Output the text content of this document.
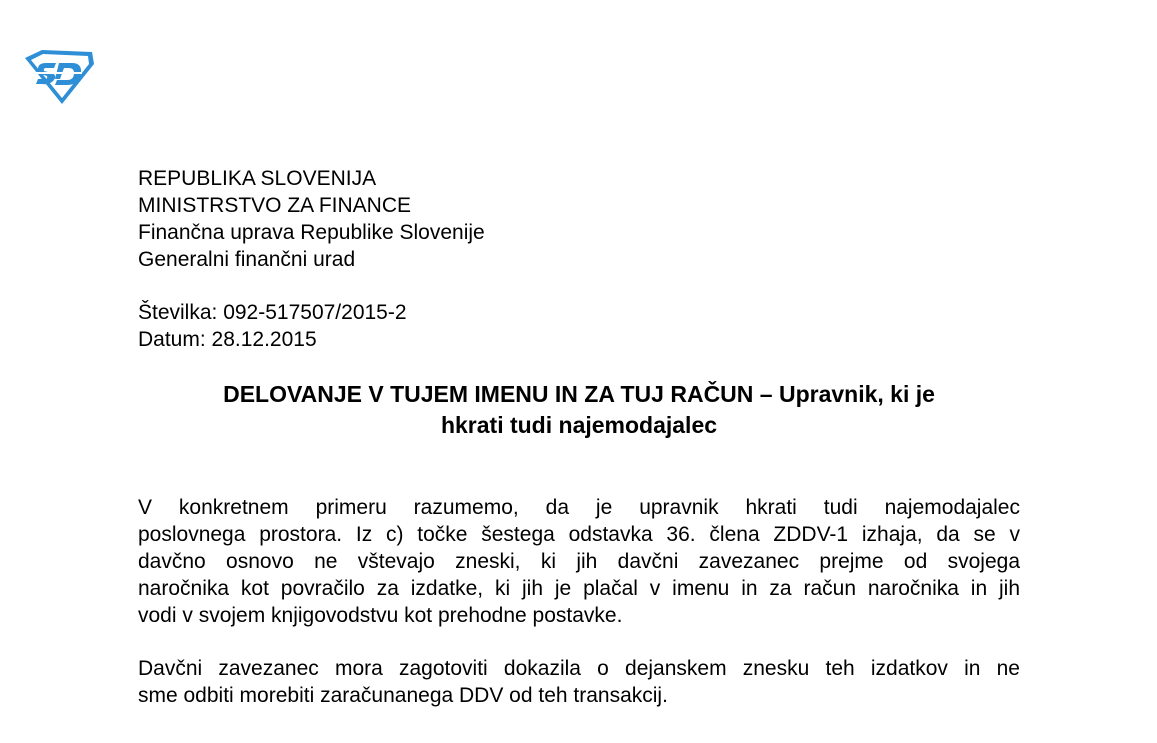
REPUBLIKA SLOVENIJA
MINISTRSTVO ZA FINANCE
Finančna uprava Republike Slovenije
Generalni finančni urad
Številka: 092-517507/2015-2
Datum: 28.12.2015
DELOVANJE V TUJEM IMENU IN ZA TUJ RAČUN – Upravnik, ki je
hkrati tudi najemodajalec
V konkretnem primeru razumemo, da je upravnik hkrati tudi najemodajalec
poslovnega prostora. Iz c) točke šestega odstavka 36. člena ZDDV-1 izhaja, da se v
davčno osnovo ne vštevajo zneski, ki jih davčni zavezanec prejme od svojega
naročnika kot povračilo za izdatke, ki jih je plačal v imenu in za račun naročnika in jih
vodi v svojem knjigovodstvu kot prehodne postavke.
Davčni zavezanec mora zagotoviti dokazila o dejanskem znesku teh izdatkov in ne
sme odbiti morebiti zaračunanega DDV od teh transakcij.
